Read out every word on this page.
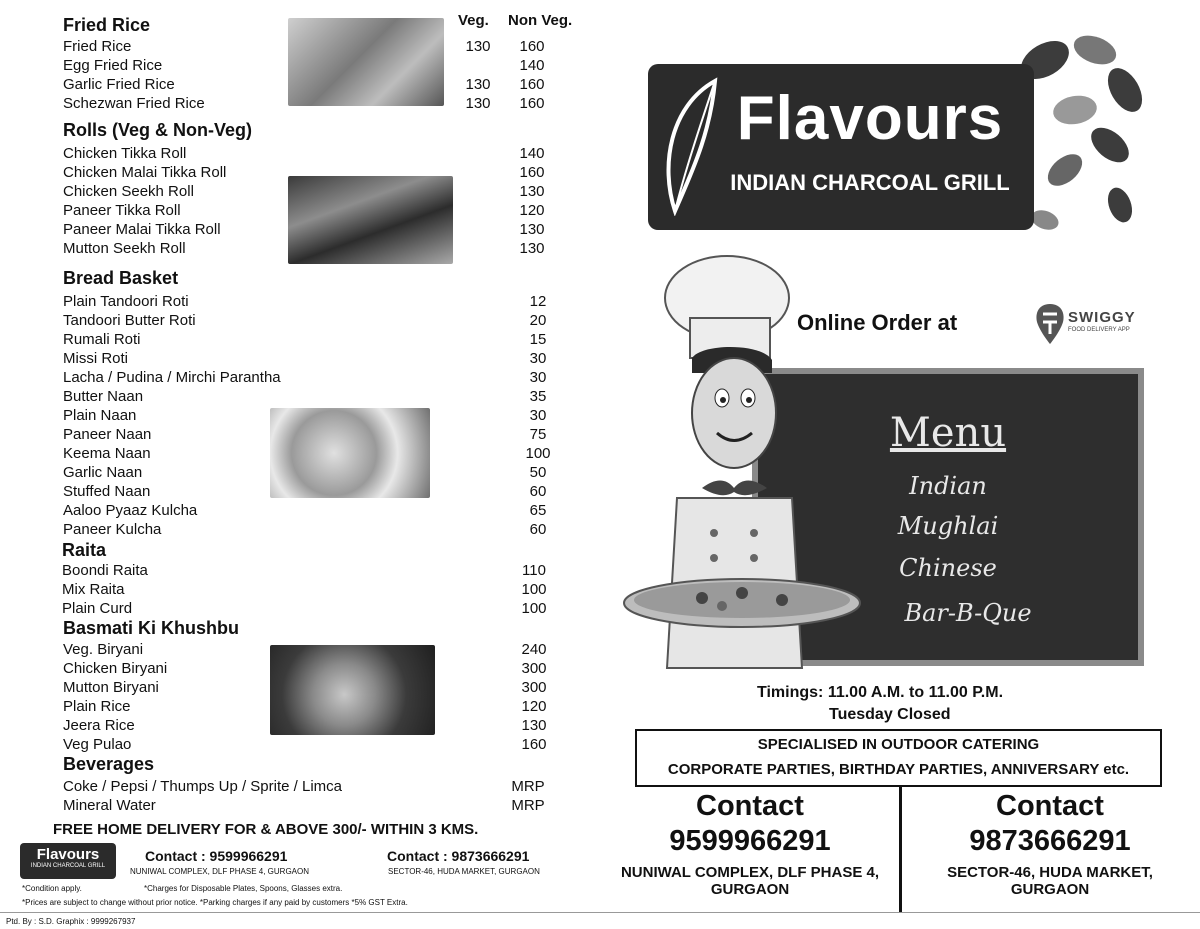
Veg. Non Veg.
Fried Rice
Fried Rice
Egg Fried Rice
Garlic Fried Rice
Schezwan Fried Rice
130

130
130
160
140
160
160
Rolls (Veg & Non-Veg)
Chicken Tikka Roll
Chicken Malai Tikka Roll
Chicken Seekh Roll
Paneer Tikka Roll
Paneer Malai Tikka Roll
Mutton Seekh Roll
140
160
130
120
130
130
Bread Basket
Plain Tandoori Roti
Tandoori Butter Roti
Rumali Roti
Missi Roti
Lacha / Pudina / Mirchi Parantha
Butter Naan
Plain Naan
Paneer Naan
Keema Naan
Garlic Naan
Stuffed Naan
Aaloo Pyaaz Kulcha
Paneer Kulcha
12
20
15
30
30
35
30
75
100
50
60
65
60
Raita
Boondi Raita
Mix Raita
Plain Curd
110
100
100
Basmati Ki Khushbu
Veg. Biryani
Chicken Biryani
Mutton Biryani
Plain Rice
Jeera Rice
Veg Pulao
240
300
300
120
130
160
Beverages
Coke / Pepsi / Thumps Up / Sprite / Limca
Mineral Water
MRP
MRP
FREE HOME DELIVERY FOR & ABOVE 300/- WITHIN 3 KMS.
Flavours
INDIAN CHARCOAL GRILL
Contact : 9599966291
NUNIWAL COMPLEX, DLF PHASE 4, GURGAON
Contact : 9873666291
SECTOR-46, HUDA MARKET, GURGAON
*Condition apply.	*Charges for Disposable Plates, Spoons, Glasses extra.
*Prices are subject to change without prior notice. *Parking charges if any paid by customers *5% GST Extra.
Ptd. By : S.D. Graphix : 9999267937
Flavours
INDIAN CHARCOAL GRILL
Online Order at	SWIGGY
FOOD DELIVERY APP
Menu
Indian
Mughlai
Chinese
Bar-B-Que
Timings: 11.00 A.M. to 11.00 P.M.
Tuesday Closed
SPECIALISED IN OUTDOOR CATERING
CORPORATE PARTIES, BIRTHDAY PARTIES, ANNIVERSARY etc.
Contact
9599966291
NUNIWAL COMPLEX, DLF PHASE 4,
GURGAON
Contact
9873666291
SECTOR-46, HUDA MARKET,
GURGAON
